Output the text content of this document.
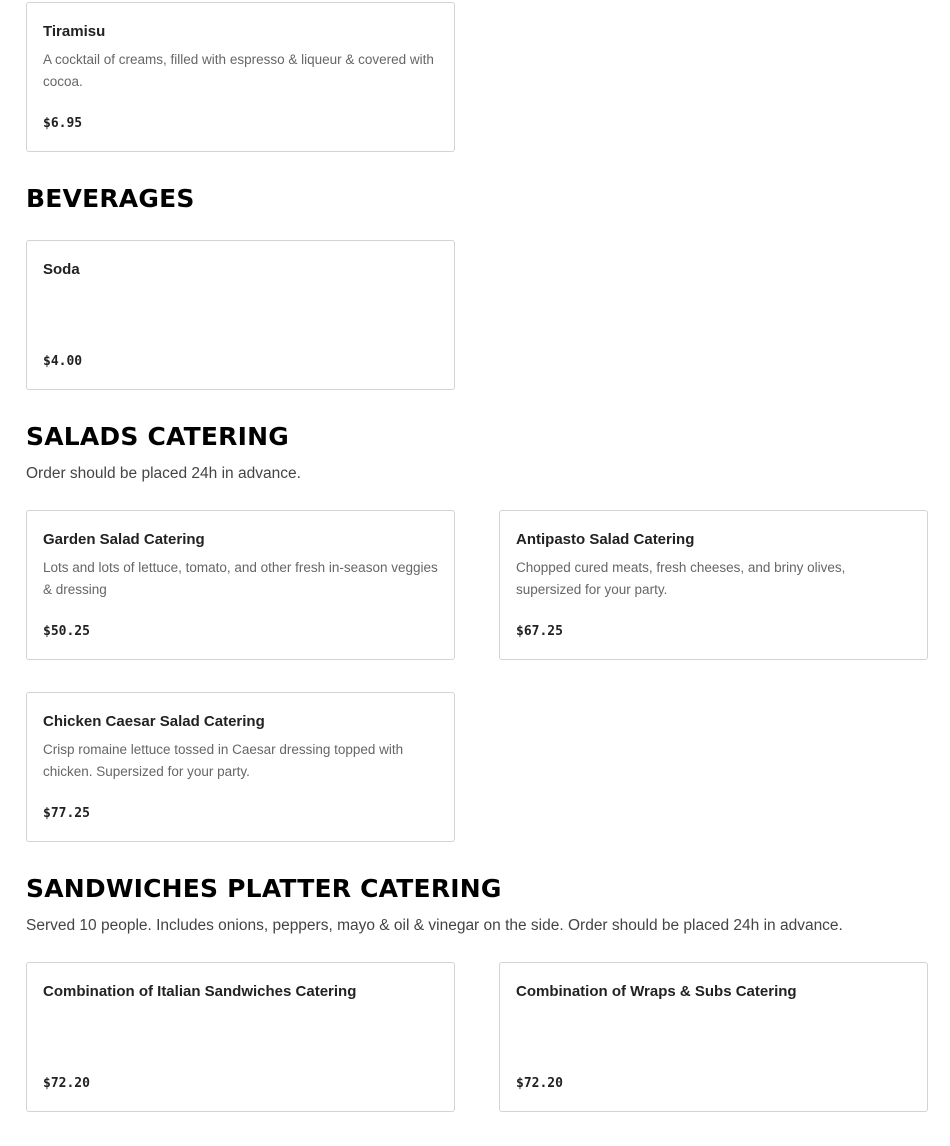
Tiramisu
A cocktail of creams, filled with espresso & liqueur & covered with cocoa.
$6.95
BEVERAGES
Soda
$4.00
SALADS CATERING
Order should be placed 24h in advance.
Garden Salad Catering
Lots and lots of lettuce, tomato, and other fresh in-season veggies & dressing
$50.25
Antipasto Salad Catering
Chopped cured meats, fresh cheeses, and briny olives, supersized for your party.
$67.25
Chicken Caesar Salad Catering
Crisp romaine lettuce tossed in Caesar dressing topped with chicken. Supersized for your party.
$77.25
SANDWICHES PLATTER CATERING
Served 10 people. Includes onions, peppers, mayo & oil & vinegar on the side. Order should be placed 24h in advance.
Combination of Italian Sandwiches Catering
$72.20
Combination of Wraps & Subs Catering
$72.20
